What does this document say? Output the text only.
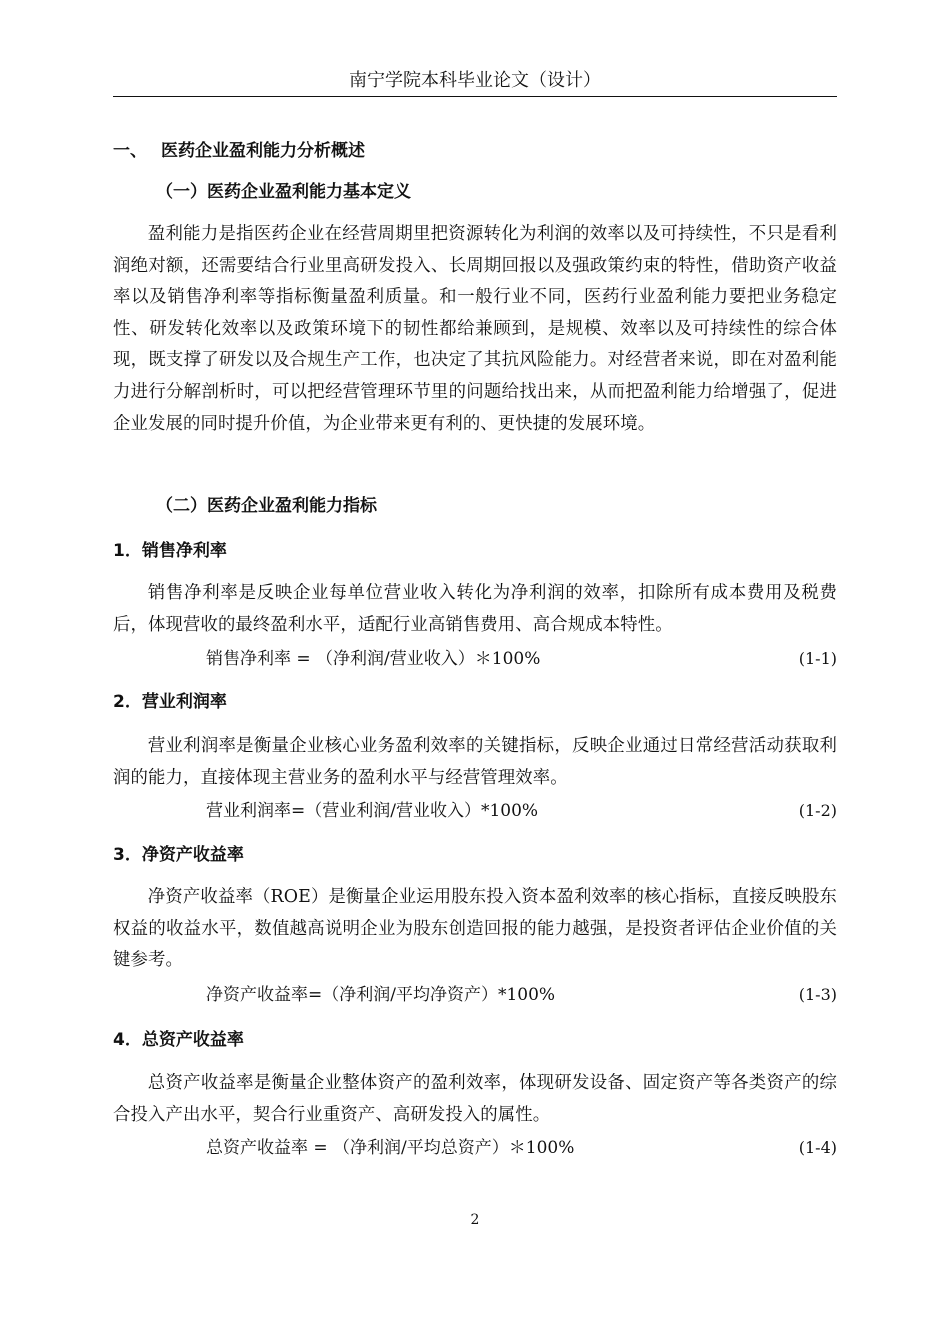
南宁学院本科毕业论文（设计）
一、 医药企业盈利能力分析概述
（一）医药企业盈利能力基本定义
盈利能力是指医药企业在经营周期里把资源转化为利润的效率以及可持续性，不只是看利润绝对额，还需要结合行业里高研发投入、长周期回报以及强政策约束的特性，借助资产收益率以及销售净利率等指标衡量盈利质量。和一般行业不同，医药行业盈利能力要把业务稳定性、研发转化效率以及政策环境下的韧性都给兼顾到，是规模、效率以及可持续性的综合体现，既支撑了研发以及合规生产工作，也决定了其抗风险能力。对经营者来说，即在对盈利能力进行分解剖析时，可以把经营管理环节里的问题给找出来，从而把盈利能力给增强了，促进企业发展的同时提升价值，为企业带来更有利的、更快捷的发展环境。
（二）医药企业盈利能力指标
1．销售净利率
销售净利率是反映企业每单位营业收入转化为净利润的效率，扣除所有成本费用及税费后，体现营收的最终盈利水平，适配行业高销售费用、高合规成本特性。
销售净利率 = （净利润/营业收入）＊100%	(1-1)
2．营业利润率
营业利润率是衡量企业核心业务盈利效率的关键指标，反映企业通过日常经营活动获取利润的能力，直接体现主营业务的盈利水平与经营管理效率。
营业利润率=（营业利润/营业收入）*100%	(1-2)
3．净资产收益率
净资产收益率（ROE）是衡量企业运用股东投入资本盈利效率的核心指标，直接反映股东权益的收益水平，数值越高说明企业为股东创造回报的能力越强，是投资者评估企业价值的关键参考。
净资产收益率=（净利润/平均净资产）*100%	(1-3)
4．总资产收益率
总资产收益率是衡量企业整体资产的盈利效率，体现研发设备、固定资产等各类资产的综合投入产出水平，契合行业重资产、高研发投入的属性。
总资产收益率 = （净利润/平均总资产）＊100%	(1-4)
2
